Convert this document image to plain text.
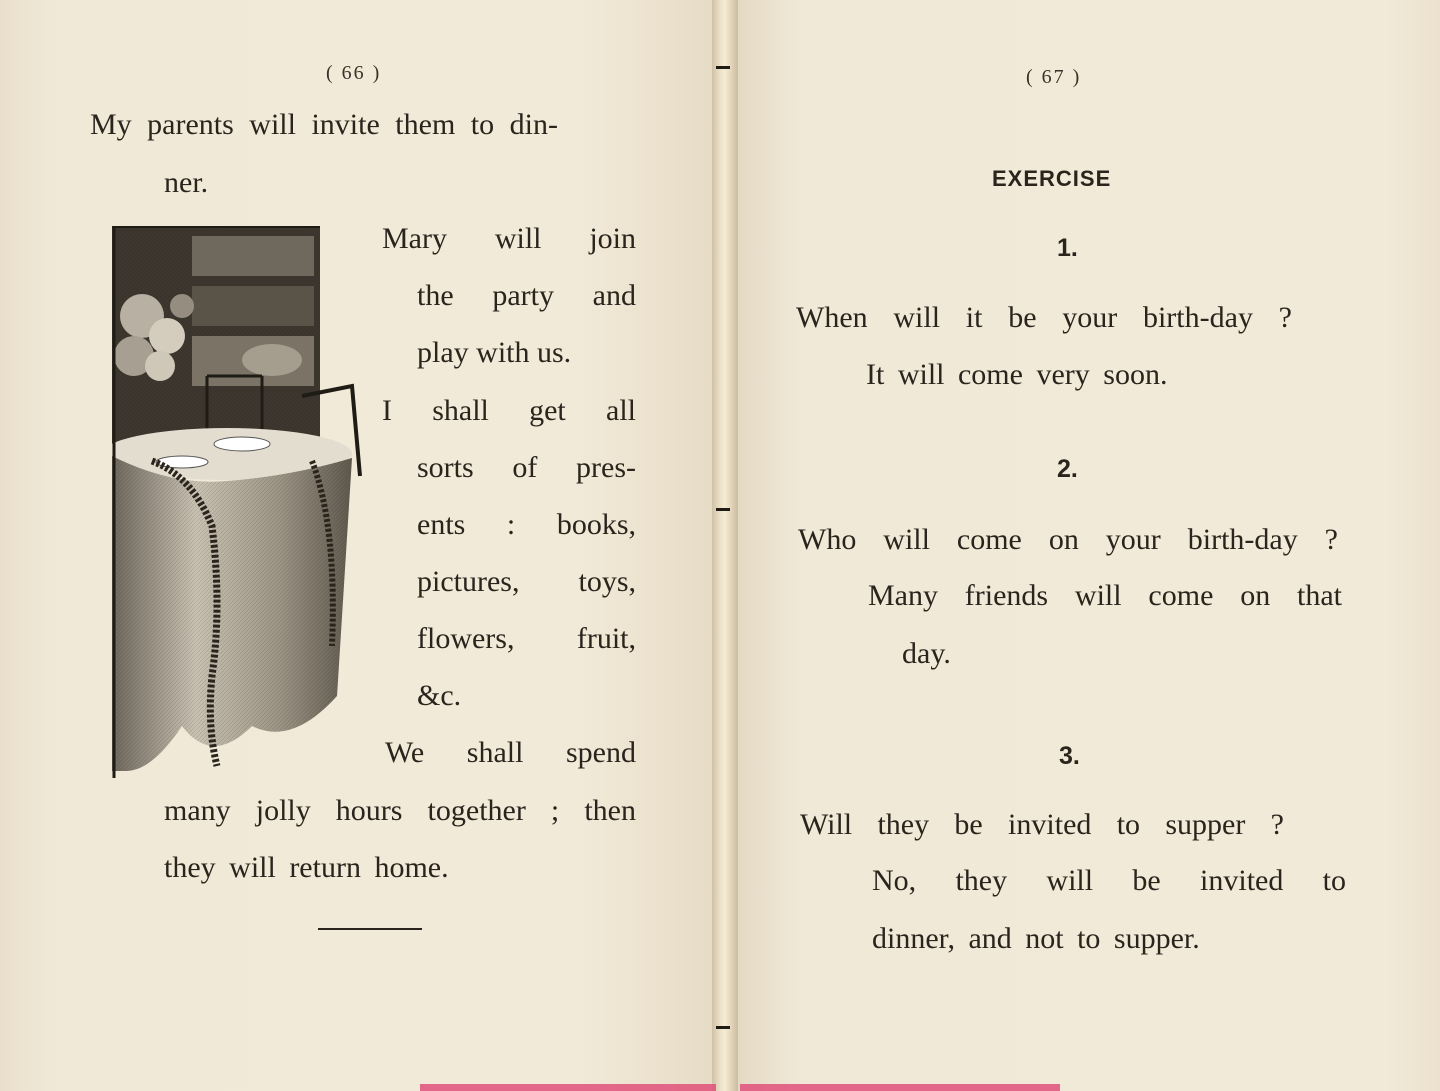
( 66 )
My parents will invite them to din-
ner.
Mary will join
the party and
play with us.
I shall get all
sorts of pres-
ents : books,
pictures, toys,
flowers, fruit,
&c.
We shall spend
many jolly hours together ; then
they will return home.
( 67 )
EXERCISE
1.
When will it be your birth-day ?
It will come very soon.
2.
Who will come on your birth-day ?
Many friends will come on that
day.
3.
Will they be invited to supper ?
No, they will be invited to
dinner, and not to supper.
